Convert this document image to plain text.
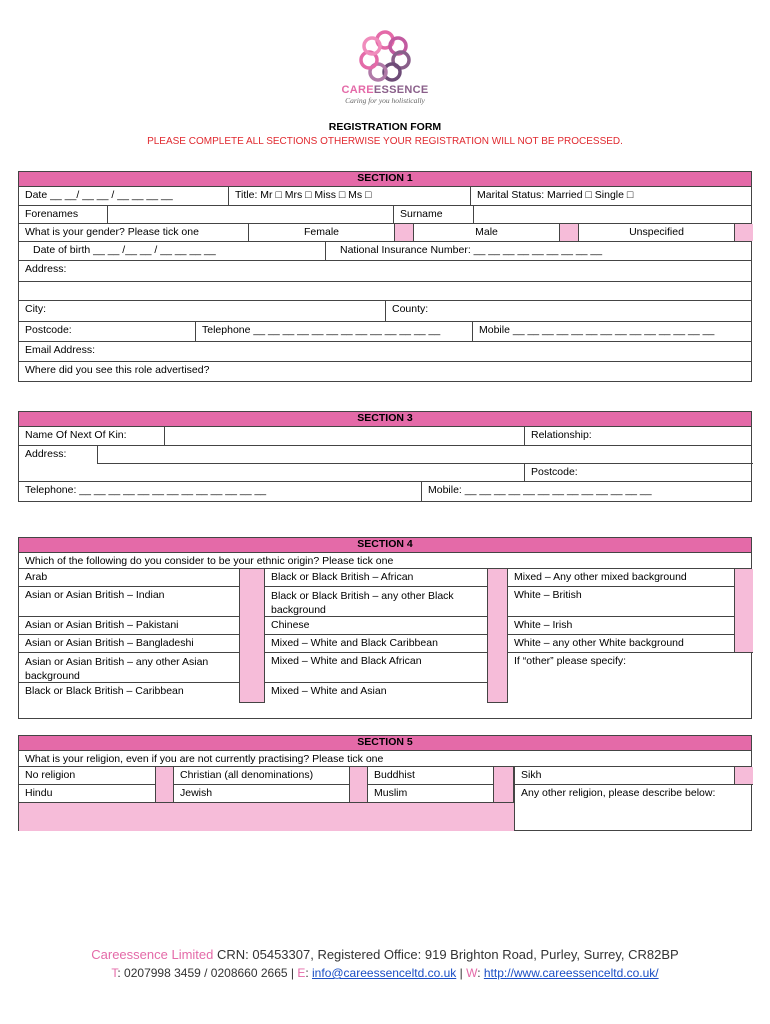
CAREESSENCE
Caring for you holistically
REGISTRATION FORM
PLEASE COMPLETE ALL SECTIONS OTHERWISE YOUR REGISTRATION WILL NOT BE PROCESSED.
SECTION 1
Date __ __/ __ __ / __ __ __ __	Title: Mr □ Mrs □ Miss □ Ms □	Marital Status: Married □ Single □
Forenames	Surname
What is your gender? Please tick one	Female	Male	Unspecified
Date of birth __ __ /__ __ / __ __ __ __	National Insurance Number: __ __ __ __ __ __ __ __ __
Address:
City:	County:
Postcode:	Telephone __ __ __ __ __ __ __ __ __ __ __ __ __	Mobile __ __ __ __ __ __ __ __ __ __ __ __ __ __
Email Address:
Where did you see this role advertised?
SECTION 3
Name Of Next Of Kin:	Relationship:
Address:
Postcode:
Telephone: __ __ __ __ __ __ __ __ __ __ __ __ __	Mobile: __ __ __ __ __ __ __ __ __ __ __ __ __
SECTION 4
Which of the following do you consider to be your ethnic origin? Please tick one
Arab
Asian or Asian British – Indian
Asian or Asian British – Pakistani
Asian or Asian British – Bangladeshi
Asian or Asian British – any other Asian background
Black or Black British – Caribbean
Black or Black British – African
Black or Black British – any other Black background
Chinese
Mixed – White and Black Caribbean
Mixed – White and Black African
Mixed – White and Asian
Mixed – Any other mixed background
White – British
White – Irish
White – any other White background
If “other” please specify:
SECTION 5
What is your religion, even if you are not currently practising? Please tick one
No religion
Hindu
Christian (all denominations)
Jewish
Buddhist
Muslim
Sikh
Any other religion, please describe below:
Careessence Limited CRN: 05453307, Registered Office: 919 Brighton Road, Purley, Surrey, CR82BP
T: 0207998 3459 / 0208660 2665 | E: info@careessenceltd.co.uk | W: http://www.careessenceltd.co.uk/
